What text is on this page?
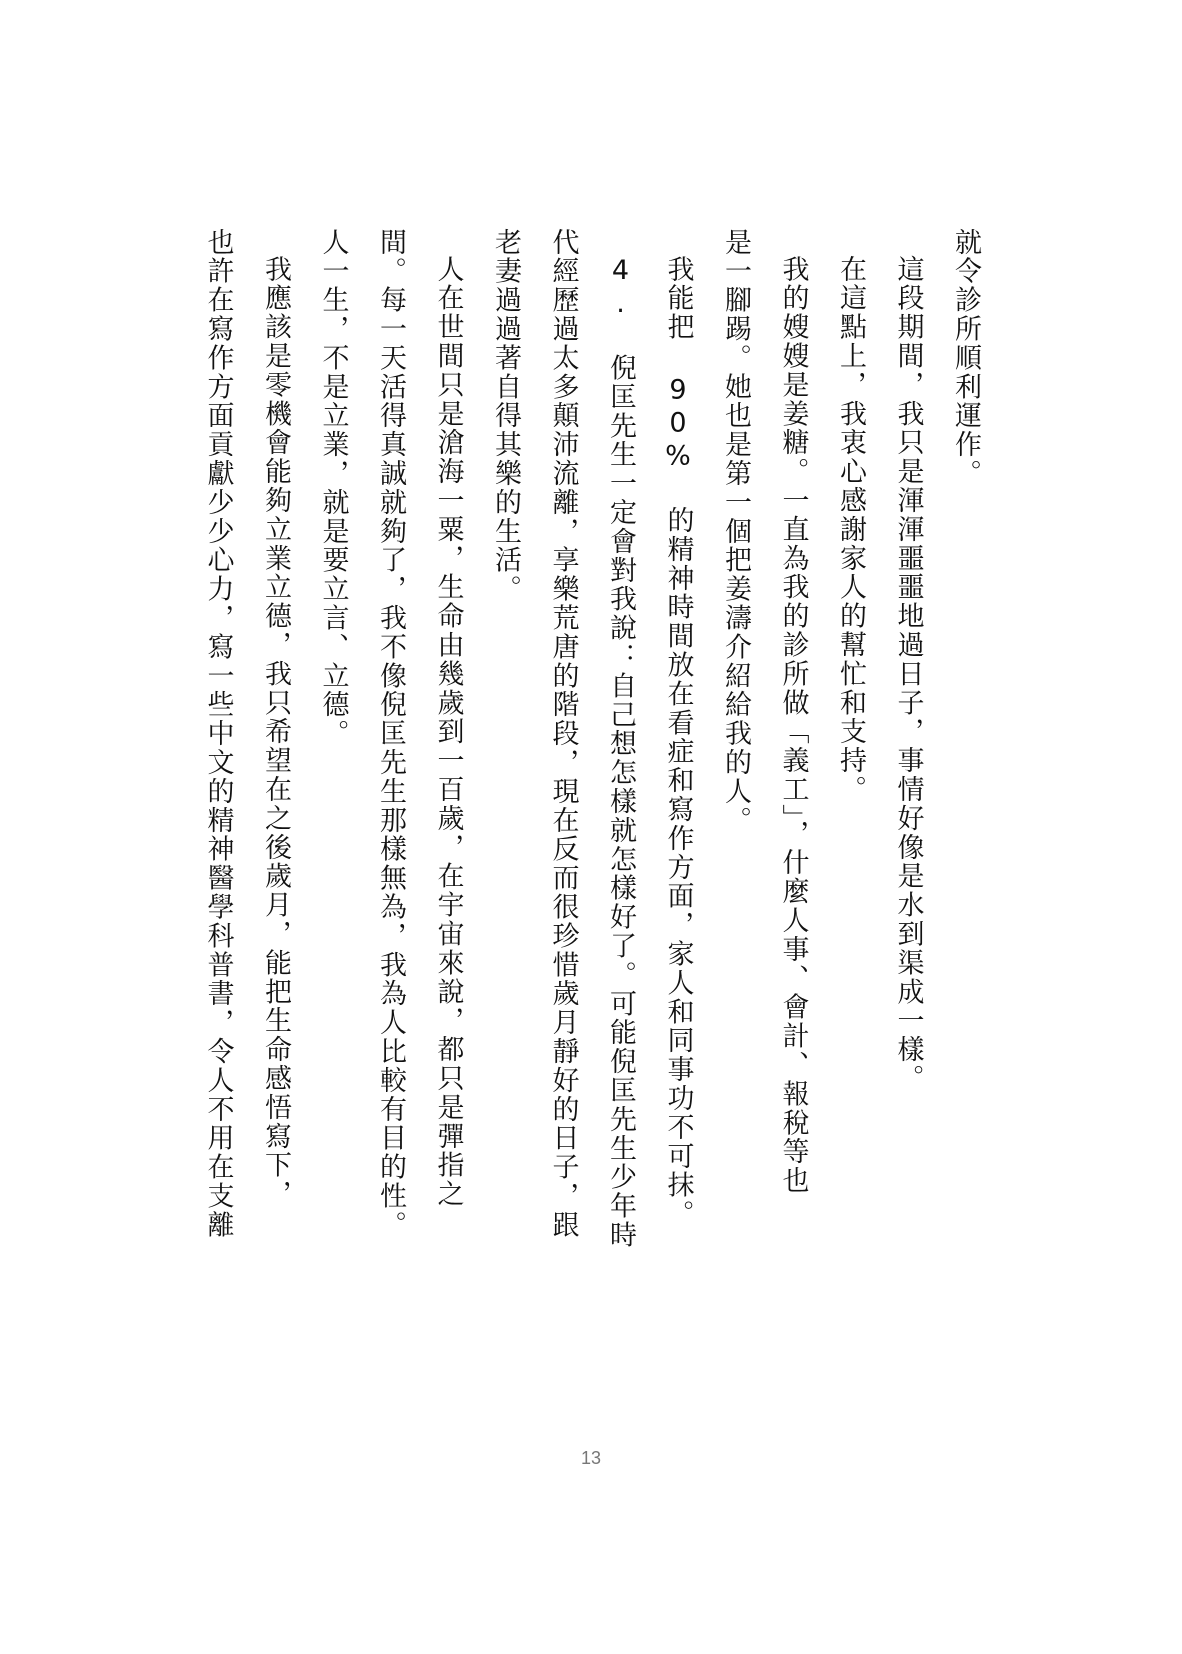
就令診所順利運作。
這段期間，我只是渾渾噩噩地過日子，事情好像是水到渠成一樣。
在這點上，我衷心感謝家人的幫忙和支持。
我的嫂嫂是姜糖。一直為我的診所做「義工」，什麼人事、會計、報稅等也
是一腳踢。她也是第一個把姜濤介紹給我的人。
我能把 90% 的精神時間放在看症和寫作方面，家人和同事功不可抹。
4. 倪匡先生一定會對我說：自己想怎樣就怎樣好了。可能倪匡先生少年時
代經歷過太多顛沛流離，享樂荒唐的階段，現在反而很珍惜歲月靜好的日子，跟
老妻過過著自得其樂的生活。
人在世間只是滄海一粟，生命由幾歲到一百歲，在宇宙來說，都只是彈指之
間。每一天活得真誠就夠了，我不像倪匡先生那樣無為，我為人比較有目的性。
人一生，不是立業，就是要立言、立德。
我應該是零機會能夠立業立德，我只希望在之後歲月，能把生命感悟寫下，
也許在寫作方面貢獻少少心力，寫一些中文的精神醫學科普書，令人不用在支離
13
